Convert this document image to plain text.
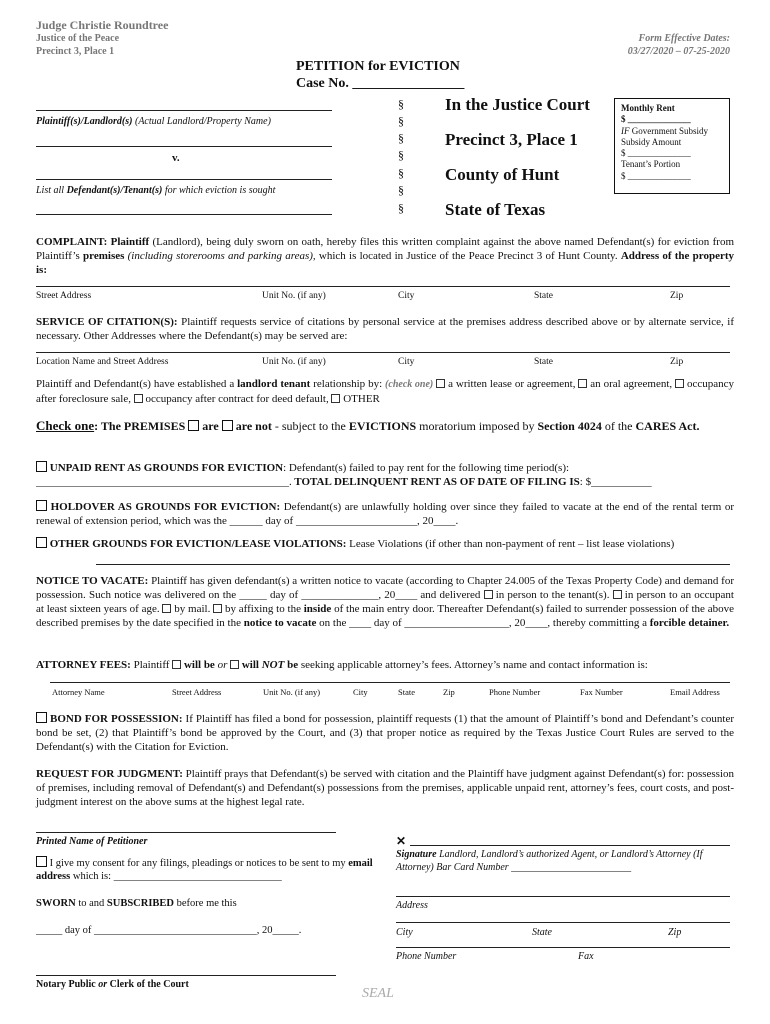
Judge Christie Roundtree
Justice of the Peace
Precinct 3, Place 1
Form Effective Dates:
03/27/2020 – 07-25-2020
PETITION for EVICTION
Case No. ________________
Plaintiff(s)/Landlord(s) (Actual Landlord/Property Name)
v.
List all Defendant(s)/Tenant(s) for which eviction is sought
§
§
§
§
§
§
§
In the Justice Court
Precinct 3, Place 1
County of Hunt
State of Texas
Monthly Rent
$ ______________
IF Government Subsidy
Subsidy Amount
$ ______________
Tenant’s Portion
$ ______________
COMPLAINT: Plaintiff (Landlord), being duly sworn on oath, hereby files this written complaint against the above named Defendant(s) for eviction from Plaintiff’s premises (including storerooms and parking areas), which is located in Justice of the Peace Precinct 3 of Hunt County. Address of the property is:
Street Address	Unit No. (if any)	City	State	Zip
SERVICE OF CITATION(S): Plaintiff requests service of citations by personal service at the premises address described above or by alternate service, if necessary. Other Addresses where the Defendant(s) may be served are:
Location Name and Street Address	Unit No. (if any)	City	State	Zip
Plaintiff and Defendant(s) have established a landlord tenant relationship by: (check one)  a written lease or agreement,  an oral agreement,  occupancy after foreclosure sale,  occupancy after contract for deed default,  OTHER
Check one: The PREMISES  are  are not - subject to the EVICTIONS moratorium imposed by Section 4024 of the CARES Act.
UNPAID RENT AS GROUNDS FOR EVICTION: Defendant(s) failed to pay rent for the following time period(s):
______________________________________________. TOTAL DELINQUENT RENT AS OF DATE OF FILING IS: $___________
HOLDOVER AS GROUNDS FOR EVICTION: Defendant(s) are unlawfully holding over since they failed to vacate at the end of the rental term or renewal of extension period, which was the ______ day of ______________________, 20____.
OTHER GROUNDS FOR EVICTION/LEASE VIOLATIONS: Lease Violations (if other than non-payment of rent – list lease violations)
NOTICE TO VACATE: Plaintiff has given defendant(s) a written notice to vacate (according to Chapter 24.005 of the Texas Property Code) and demand for possession. Such notice was delivered on the _____ day of ______________, 20____ and delivered  in person to the tenant(s).  in person to an occupant at least sixteen years of age.  by mail.  by affixing to the inside of the main entry door. Thereafter Defendant(s) failed to surrender possession of the above described premises by the date specified in the notice to vacate on the ____ day of ___________________, 20____, thereby committing a forcible detainer.
ATTORNEY FEES: Plaintiff  will be or  will NOT be seeking applicable attorney’s fees. Attorney’s name and contact information is:
Attorney Name	Street Address	Unit No. (if any)	City	State	Zip	Phone Number	Fax Number	Email Address
BOND FOR POSSESSION: If Plaintiff has filed a bond for possession, plaintiff requests (1) that the amount of Plaintiff’s bond and Defendant’s counter bond be set, (2) that Plaintiff’s bond be approved by the Court, and (3) that proper notice as required by the Texas Justice Court Rules are served to the Defendant(s) with the Citation for Eviction.
REQUEST FOR JUDGMENT: Plaintiff prays that Defendant(s) be served with citation and the Plaintiff have judgment against Defendant(s) for: possession of premises, including removal of Defendant(s) and Defendant(s) possessions from the premises, applicable unpaid rent, attorney’s fees, court costs, and post-judgment interest on the above sums at the highest legal rate.
Printed Name of Petitioner
I give my consent for any filings, pleadings or notices to be sent to my email address which is: ________________________________
SWORN to and SUBSCRIBED before me this
_____ day of _______________________________, 20_____.
Notary Public or Clerk of the Court
SEAL
✕
Signature Landlord, Landlord’s authorized Agent, or Landlord’s Attorney (If Attorney) Bar Card Number ________________________
Address
City	State	Zip
Phone Number	Fax
